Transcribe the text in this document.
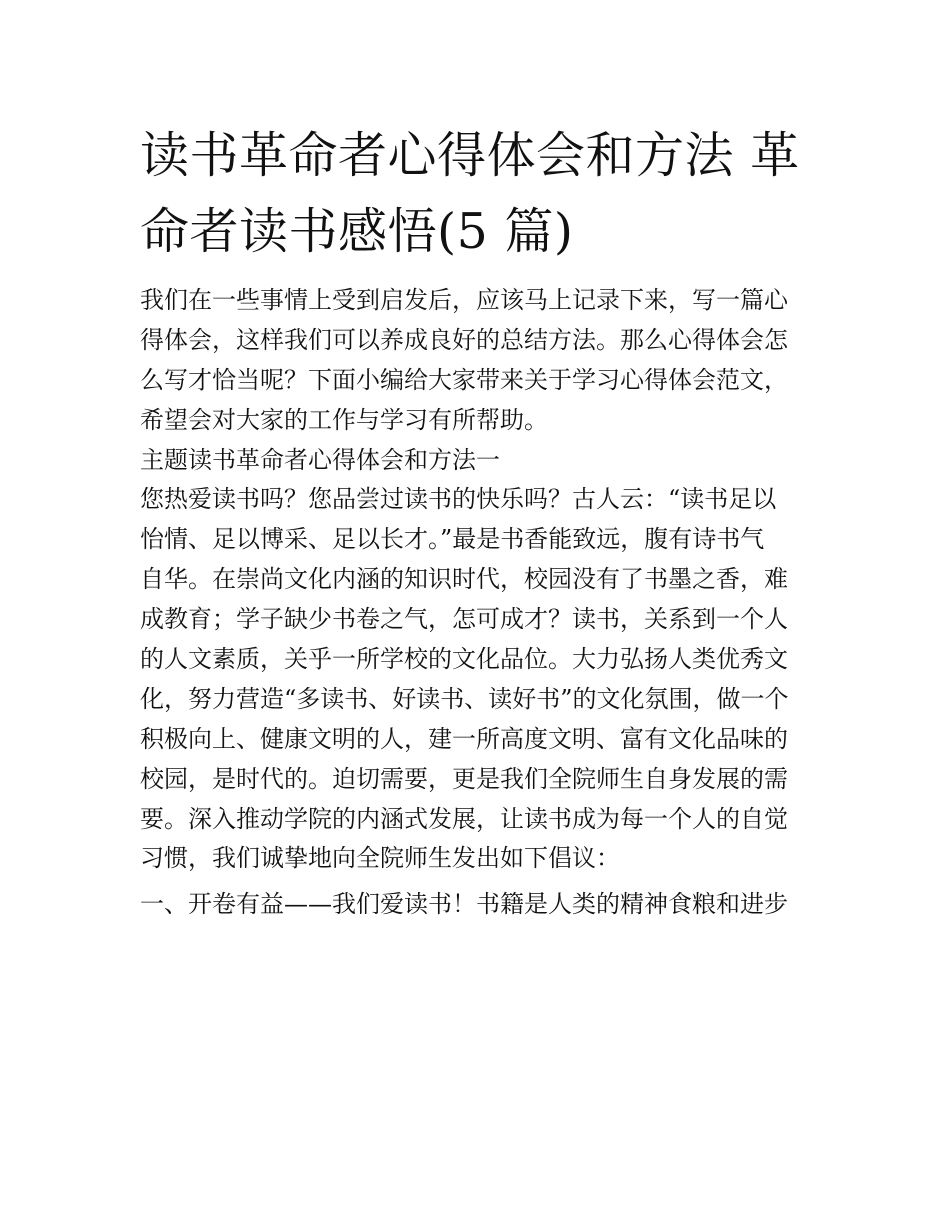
读书革命者心得体会和方法 革
命者读书感悟(5 篇)
我们在一些事情上受到启发后，应该马上记录下来，写一篇心
得体会，这样我们可以养成良好的总结方法。那么心得体会怎
么写才恰当呢？下面小编给大家带来关于学习心得体会范文，
希望会对大家的工作与学习有所帮助。
主题读书革命者心得体会和方法一
您热爱读书吗？您品尝过读书的快乐吗？古人云：“读书足以
怡情、足以博采、足以长才。”最是书香能致远，腹有诗书气
自华。在崇尚文化内涵的知识时代，校园没有了书墨之香，难
成教育；学子缺少书卷之气，怎可成才？读书，关系到一个人
的人文素质，关乎一所学校的文化品位。大力弘扬人类优秀文
化，努力营造“多读书、好读书、读好书”的文化氛围，做一个
积极向上、健康文明的人，建一所高度文明、富有文化品味的
校园，是时代的。迫切需要，更是我们全院师生自身发展的需
要。深入推动学院的内涵式发展，让读书成为每一个人的自觉
习惯，我们诚挚地向全院师生发出如下倡议：
一、开卷有益——我们爱读书！书籍是人类的精神食粮和进步
